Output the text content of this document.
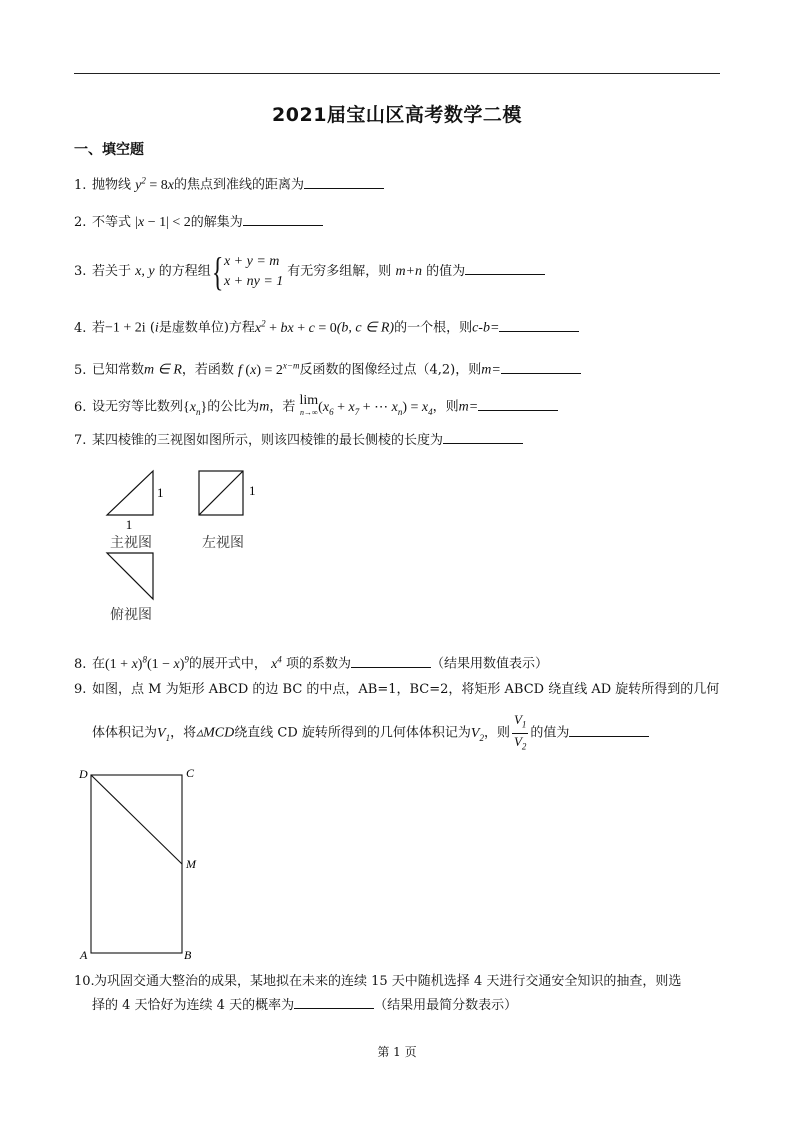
2021届宝山区高考数学二模
一、填空题
1. 抛物线 $y^2 = 8x$的焦点到准线的距离为
2. 不等式 |x − 1| < 2的解集为
3. 若关于 x, y 的方程组{ x + y = m
x + ny = 1
有无穷多组解，则 m+n 的值为
4. 若−1 + 2i (i是虚数单位)方程$x^2$ + bx + c = 0(b, c ∈ R)的一个根，则c-b=
5. 已知常数m ∈ R，若函数 f $(x) = 2^{x-m}$反函数的图像经过点（4,2)，则m=
6. 设无穷等比数列$\{x_n\}$的公比为m，若 lim
n→∞ ($x_6 + x_7$ + ⋯ $x_n) = x_4$，则m=
7. 某四棱锥的三视图如图所示，则该四棱锥的最长侧棱的长度为
1
1
主视图
1
左视图
俯视图
8. 在$(1 + x)^8(1 - x)^9$的展开式中， $x^4$ 项的系数为	（结果用数值表示）
9. 如图，点 M 为矩形 ABCD 的边 BC 的中点，AB=1，BC=2，将矩形 ABCD 绕直线 AD 旋转所得到的几何
体体积记为$V_1$，将▵MCD绕直线 CD 旋转所得到的几何体体积记为$V_2$，则 $\frac{V_1}{V_2}$ 的值为
D	C
M
A	B
10.为巩固交通大整治的成果，某地拟在未来的连续 15 天中随机选择 4 天进行交通安全知识的抽查，则选
择的 4 天恰好为连续 4 天的概率为	（结果用最简分数表示）
第 1 页
